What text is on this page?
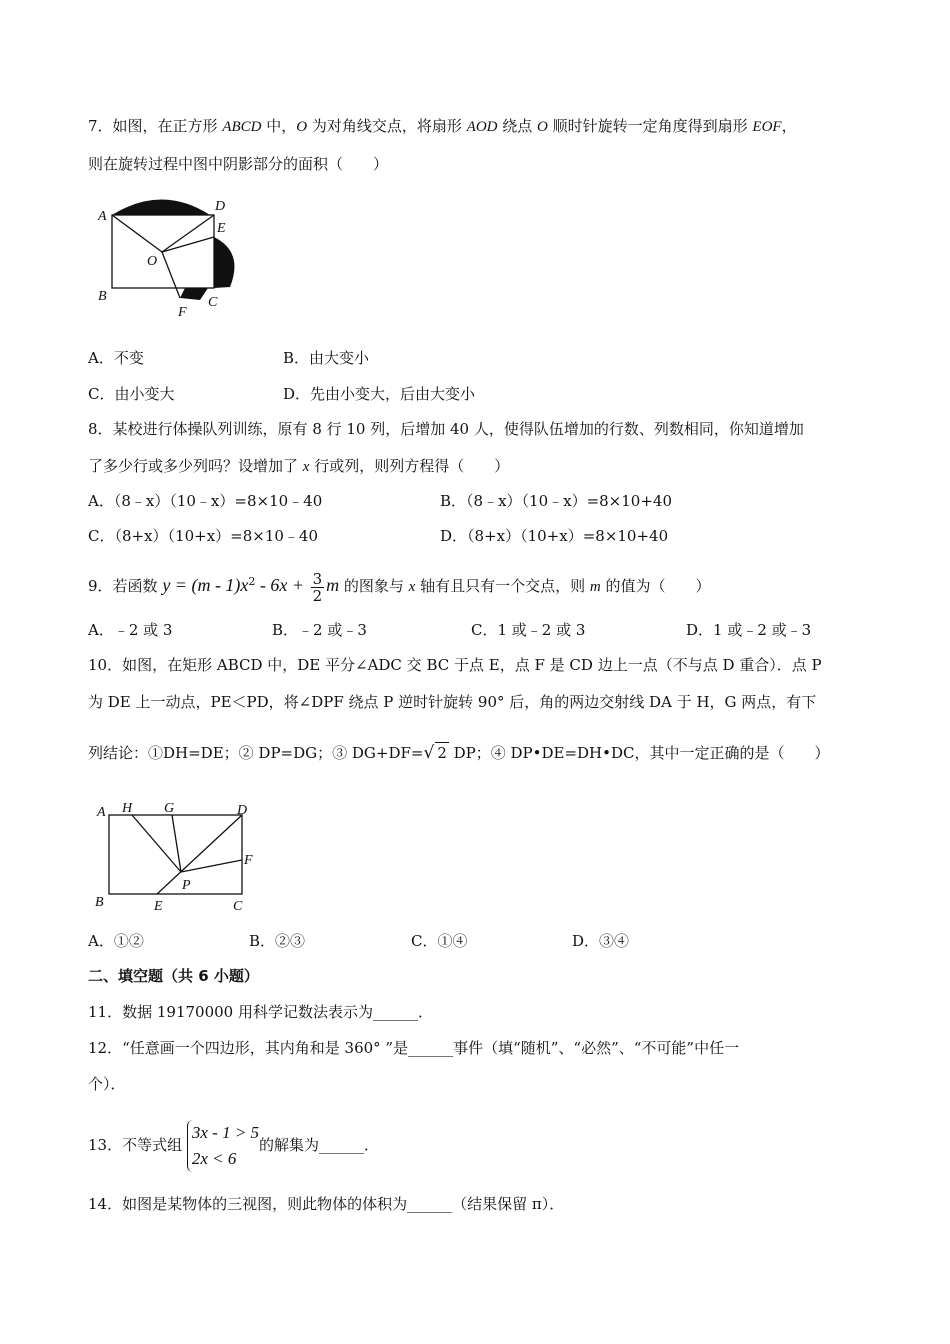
7．如图，在正方形 ABCD 中，O 为对角线交点，将扇形 AOD 绕点 O 顺时针旋转一定角度得到扇形 EOF，
则在旋转过程中图中阴影部分的面积（　　）
A
D
E
O
B	C
F
A．不变	B．由大变小
C．由小变大	D．先由小变大，后由大变小
8．某校进行体操队列训练，原有 8 行 10 列，后增加 40 人，使得队伍增加的行数、列数相同，你知道增加
了多少行或多少列吗？设增加了 x 行或列，则列方程得（　　）
A．（8﹣x）（10﹣x）=8×10﹣40	B．（8﹣x）（10﹣x）=8×10+40
C．（8+x）（10+x）=8×10﹣40	D．（8+x）（10+x）=8×10+40
9．若函数 $y = (m - 1)x^2 - 6x + \frac{3}{2}$ m 的图象与 x 轴有且只有一个交点，则 m 的值为（　　）
A．﹣2 或 3	B．﹣2 或﹣3	C．1 或﹣2 或 3	D．1 或﹣2 或﹣3
10．如图，在矩形 ABCD 中，DE 平分∠ADC 交 BC 于点 E，点 F 是 CD 边上一点（不与点 D 重合）．点 P
为 DE 上一动点，PE＜PD，将∠DPF 绕点 P 逆时针旋转 90° 后，角的两边交射线 DA 于 H，G 两点，有下
列结论：①DH=DE；② DP=DG；③ DG+DF=√ 2 DP；④ DP•DE=DH•DC，其中一定正确的是（　　）
A H G	D
F
P
B	E	C
A．①②	B．②③	C．①④	D．③④
二、填空题（共 6 小题）
11．数据 19170000 用科学记数法表示为______．
12．“任意画一个四边形，其内角和是 360° ”是______事件（填“随机”、“必然”、“不可能”中任一
个）．
13．不等式组
3x - 1 > 5
2x < 6
的解集为______．
14．如图是某物体的三视图，则此物体的体积为______（结果保留 π）．
